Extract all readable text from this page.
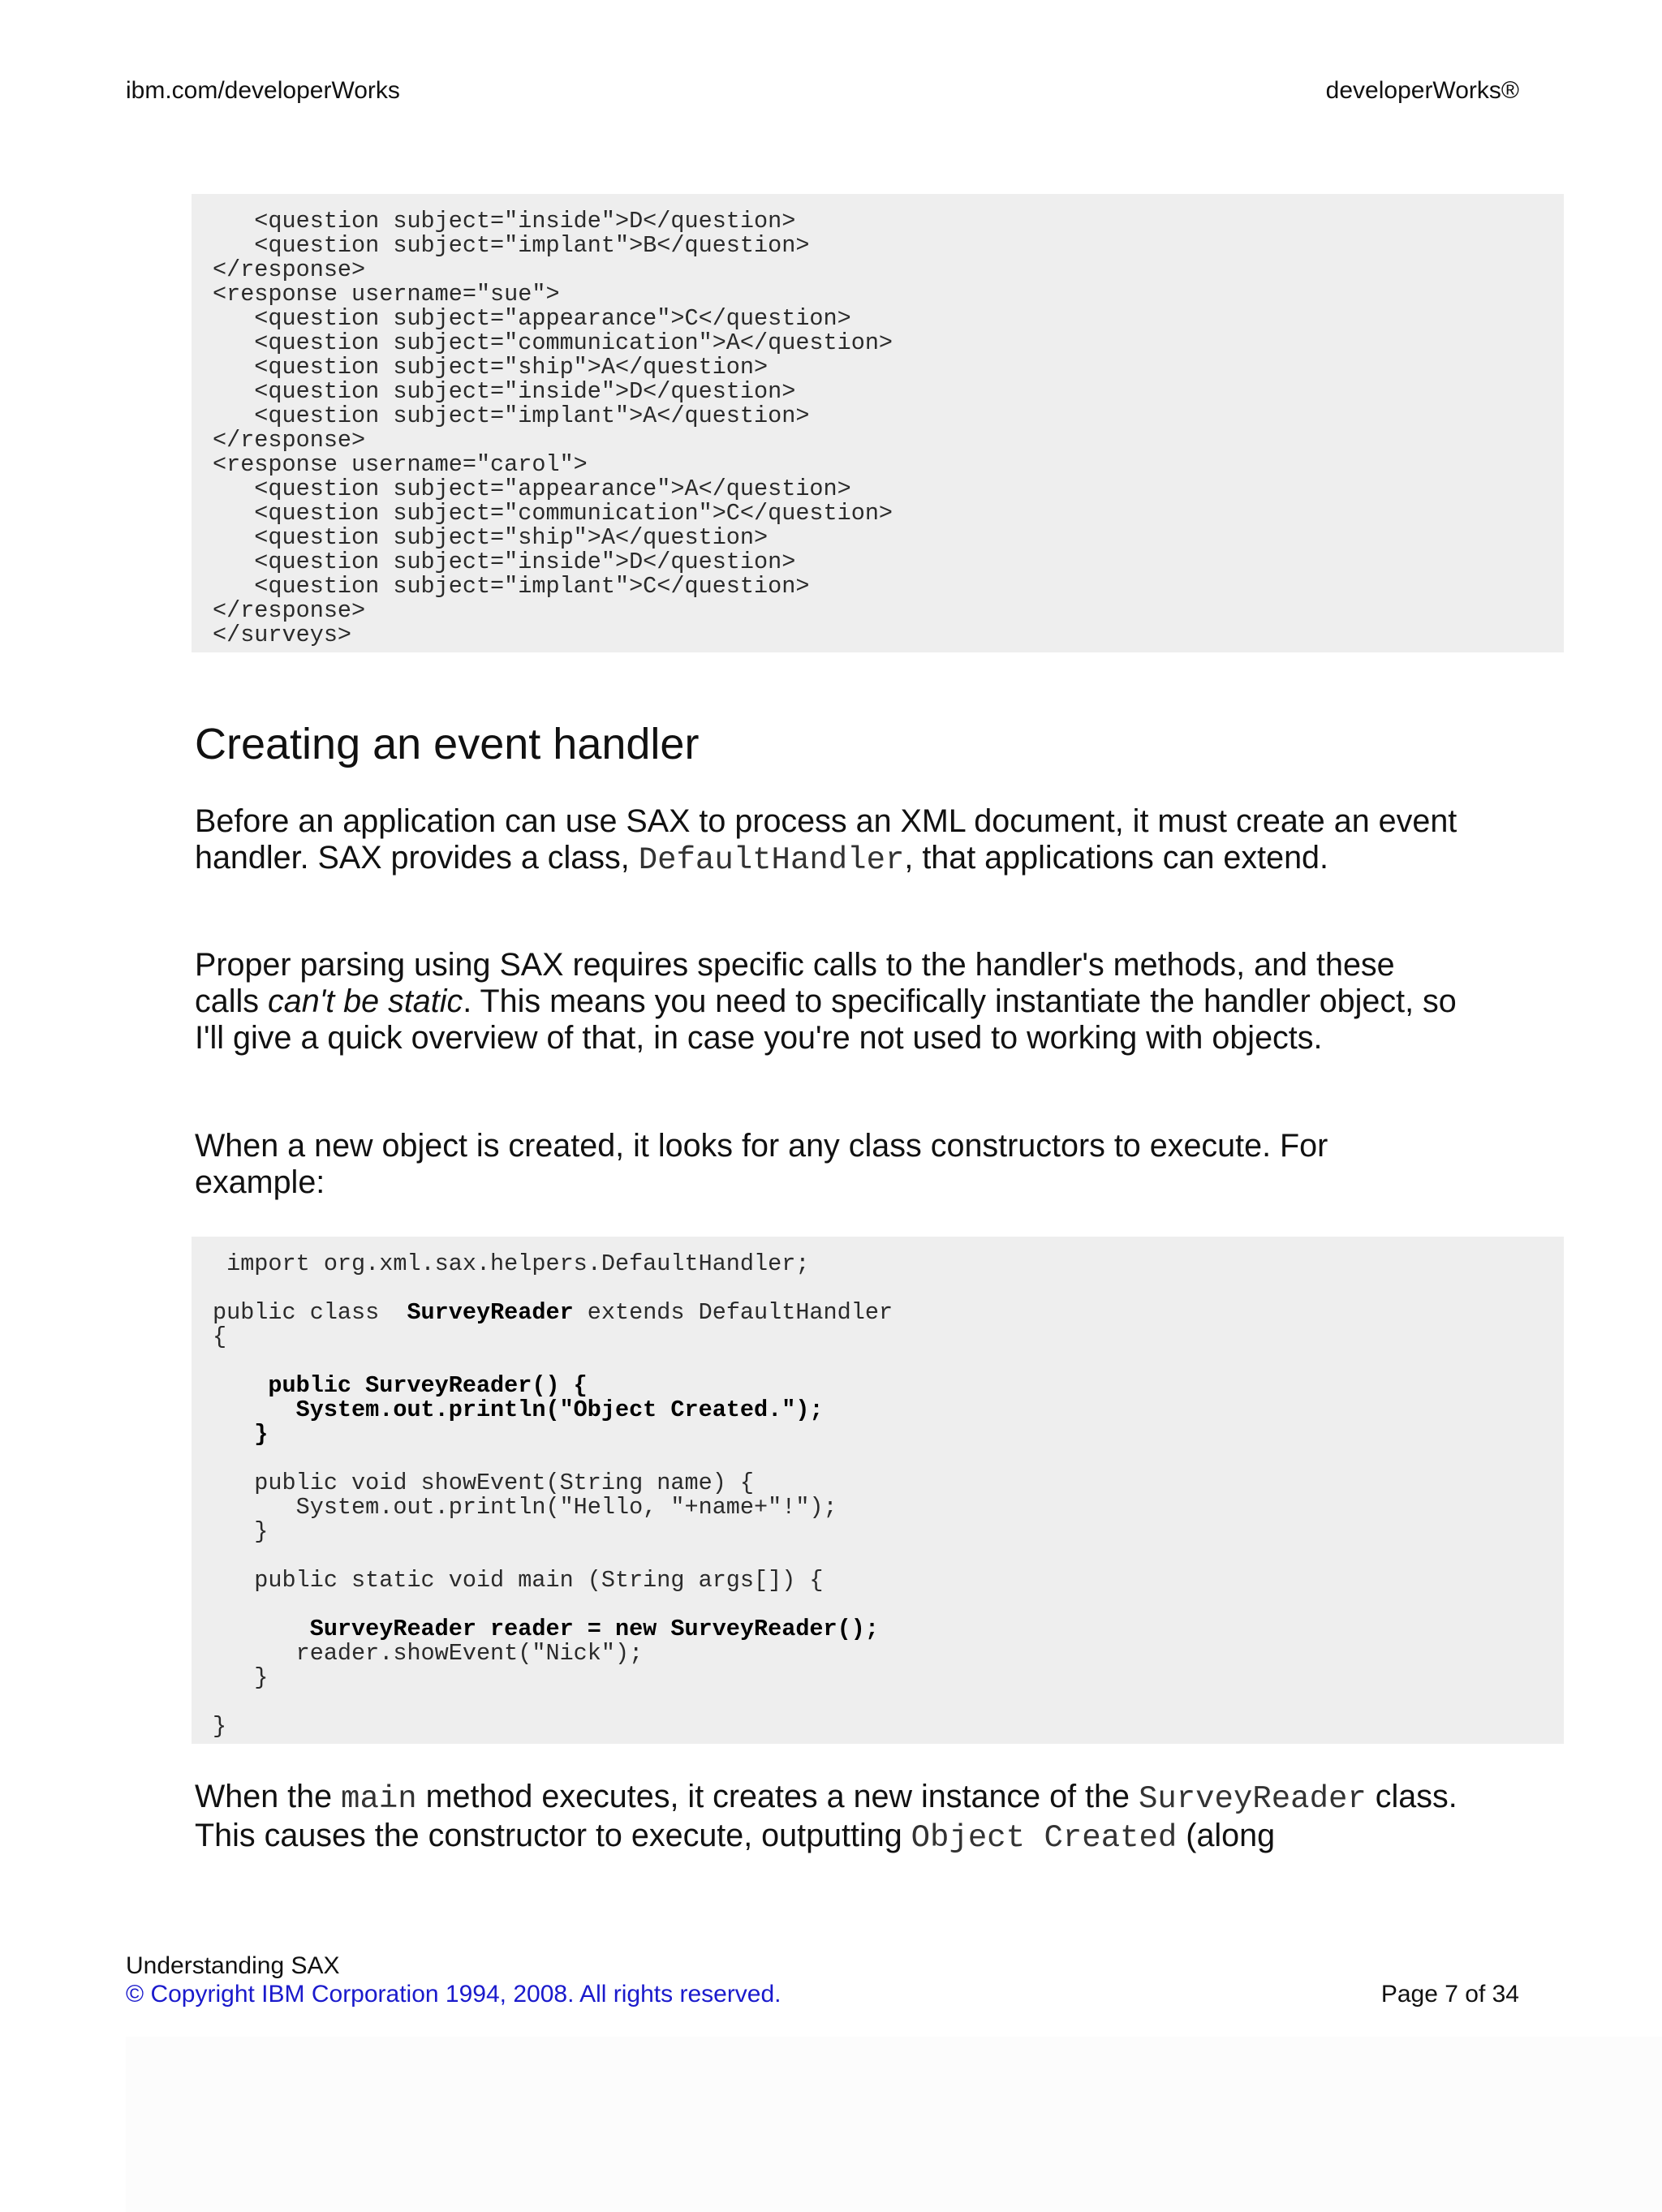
ibm.com/developerWorks	developerWorks®
<question subject="inside">D</question>
<question subject="implant">B</question>
</response>
<response username="sue">
<question subject="appearance">C</question>
<question subject="communication">A</question>
<question subject="ship">A</question>
<question subject="inside">D</question>
<question subject="implant">A</question>
</response>
<response username="carol">
<question subject="appearance">A</question>
<question subject="communication">C</question>
<question subject="ship">A</question>
<question subject="inside">D</question>
<question subject="implant">C</question>
</response>
</surveys>
Creating an event handler

Before an application can use SAX to process an XML document, it must create an event handler. SAX provides a class, DefaultHandler, that applications can extend.

Proper parsing using SAX requires specific calls to the handler's methods, and these calls can't be static. This means you need to specifically instantiate the handler object, so I'll give a quick overview of that, in case you're not used to working with objects.

When a new object is created, it looks for any class constructors to execute. For example:

import org.xml.sax.helpers.DefaultHandler;
public class  SurveyReader extends DefaultHandler
{
public SurveyReader() {
System.out.println("Object Created.");
}
public void showEvent(String name) {
System.out.println("Hello, "+name+"!");
}
public static void main (String args[]) {
SurveyReader reader = new SurveyReader();
reader.showEvent("Nick");
}
}

When the main method executes, it creates a new instance of the SurveyReader class. This causes the constructor to execute, outputting Object Created (along

Understanding SAX
© Copyright IBM Corporation 1994, 2008. All rights reserved.	Page 7 of 34
